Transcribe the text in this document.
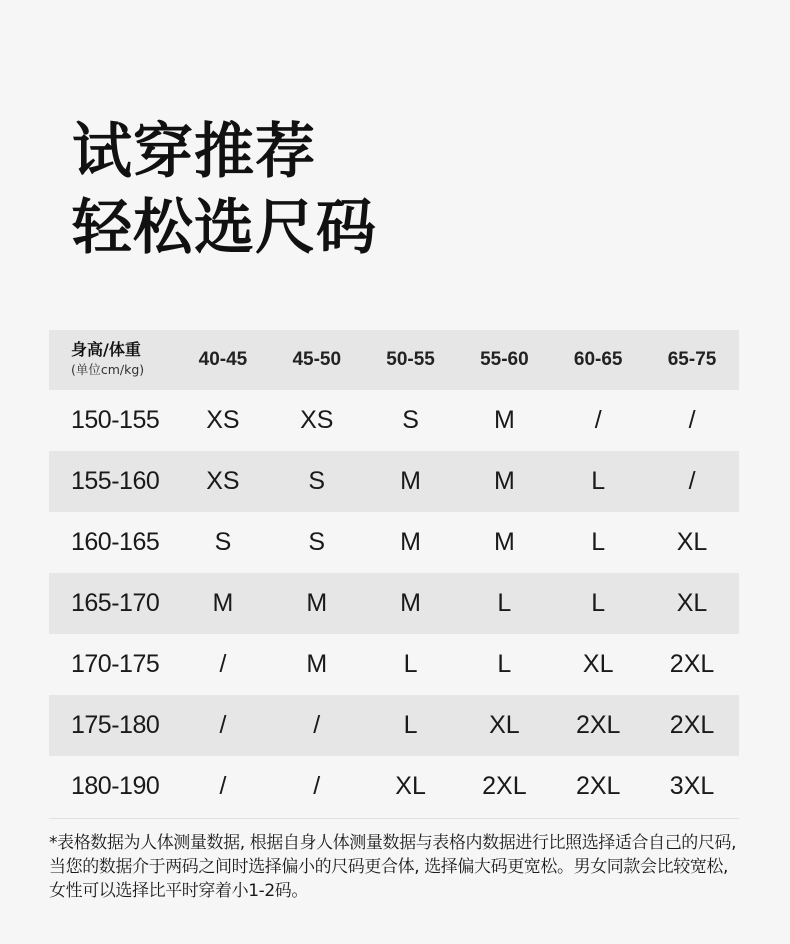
试穿推荐
轻松选尺码
身高/体重
(单位cm/kg)	40-45	45-50	50-55	55-60	60-65	65-75
150-155	XS	XS	S	M	/	/
155-160	XS	S	M	M	L	/
160-165	S	S	M	M	L	XL
165-170	M	M	M	L	L	XL
170-175	/	M	L	L	XL	2XL
175-180	/	/	L	XL	2XL	2XL
180-190	/	/	XL	2XL	2XL	3XL

*表格数据为人体测量数据, 根据自身人体测量数据与表格内数据进行比照选择适合自己的尺码, 当您的数据介于两码之间时选择偏小的尺码更合体, 选择偏大码更宽松。男女同款会比较宽松, 女性可以选择比平时穿着小1-2码。
